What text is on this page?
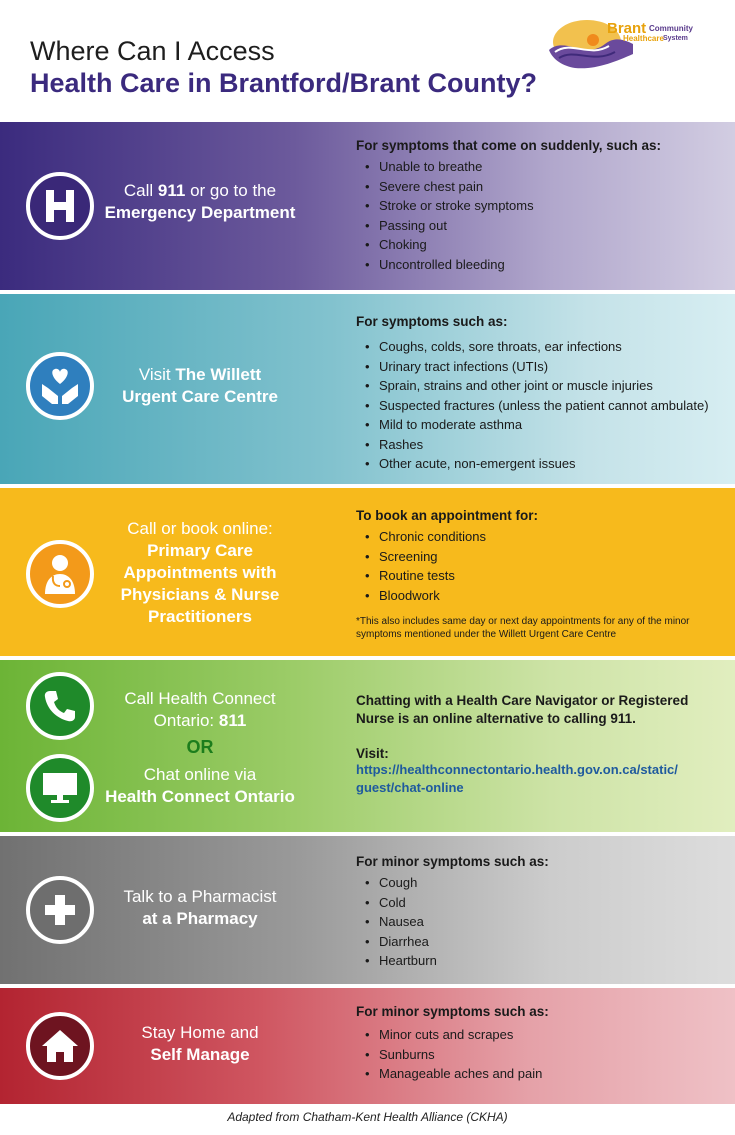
Where Can I Access
Health Care in Brantford/Brant County?
Brant Community
Healthcare System
Call 911 or go to the
Emergency Department
For symptoms that come on suddenly, such as:
• Unable to breathe
• Severe chest pain
• Stroke or stroke symptoms
• Passing out
• Choking
• Uncontrolled bleeding
Visit The Willett
Urgent Care Centre
For symptoms such as:
• Coughs, colds, sore throats, ear infections
• Urinary tract infections (UTIs)
• Sprain, strains and other joint or muscle injuries
• Suspected fractures (unless the patient cannot ambulate)
• Mild to moderate asthma
• Rashes
• Other acute, non-emergent issues
Call or book online:
Primary Care
Appointments with
Physicians & Nurse
Practitioners
To book an appointment for:
• Chronic conditions
• Screening
• Routine tests
• Bloodwork
*This also includes same day or next day appointments for any of the minor symptoms mentioned under the Willett Urgent Care Centre
Call Health Connect
Ontario: 811
OR
Chat online via
Health Connect Ontario
Chatting with a Health Care Navigator or Registered Nurse is an online alternative to calling 911.
Visit:
https://healthconnectontario.health.gov.on.ca/static/
guest/chat-online
Talk to a Pharmacist
at a Pharmacy
For minor symptoms such as:
• Cough
• Cold
• Nausea
• Diarrhea
• Heartburn
Stay Home and
Self Manage
For minor symptoms such as:
• Minor cuts and scrapes
• Sunburns
• Manageable aches and pain
Adapted from Chatham-Kent Health Alliance (CKHA)
